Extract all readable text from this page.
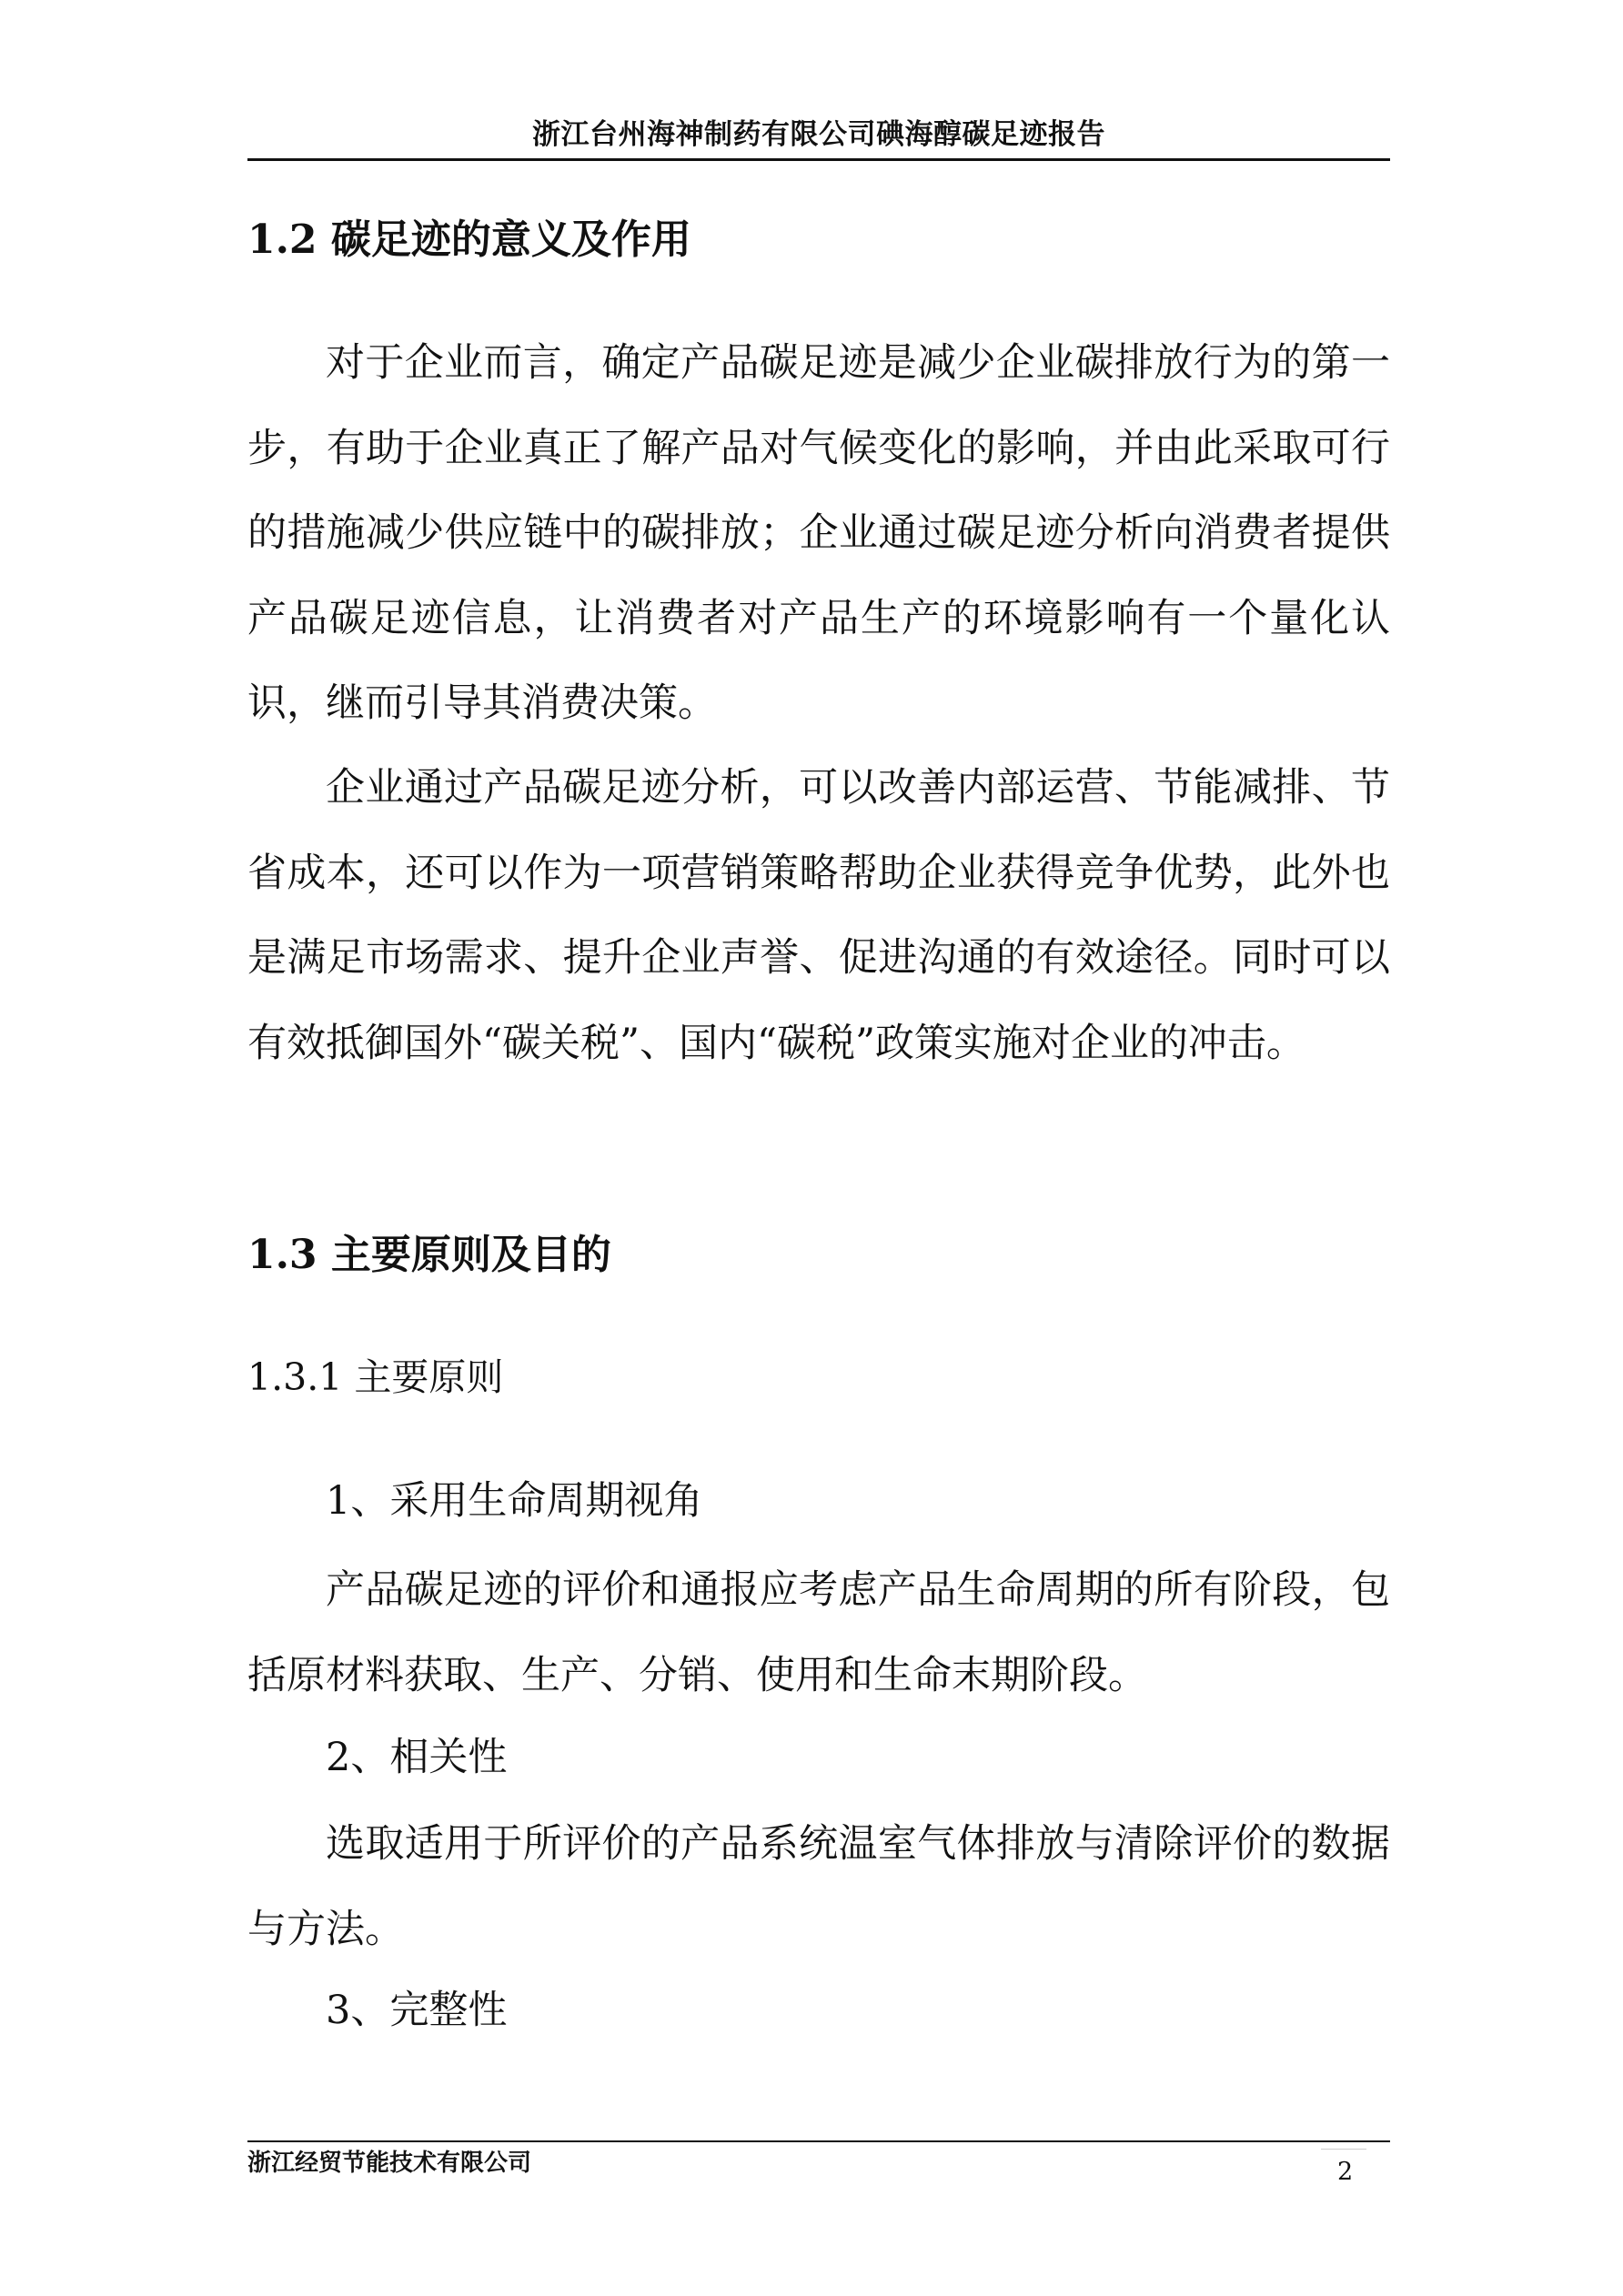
浙江台州海神制药有限公司碘海醇碳足迹报告
1.2 碳足迹的意义及作用

对于企业而言，确定产品碳足迹是减少企业碳排放行为的第一步，有助于企业真正了解产品对气候变化的影响，并由此采取可行的措施减少供应链中的碳排放；企业通过碳足迹分析向消费者提供产品碳足迹信息，让消费者对产品生产的环境影响有一个量化认识，继而引导其消费决策。

企业通过产品碳足迹分析，可以改善内部运营、节能减排、节省成本，还可以作为一项营销策略帮助企业获得竞争优势，此外也是满足市场需求、提升企业声誉、促进沟通的有效途径。同时可以有效抵御国外“碳关税”、国内“碳税”政策实施对企业的冲击。

1.3 主要原则及目的
1.3.1 主要原则
1、采用生命周期视角

产品碳足迹的评价和通报应考虑产品生命周期的所有阶段，包括原材料获取、生产、分销、使用和生命末期阶段。

2、相关性

选取适用于所评价的产品系统温室气体排放与清除评价的数据与方法。

3、完整性
浙江经贸节能技术有限公司	2
